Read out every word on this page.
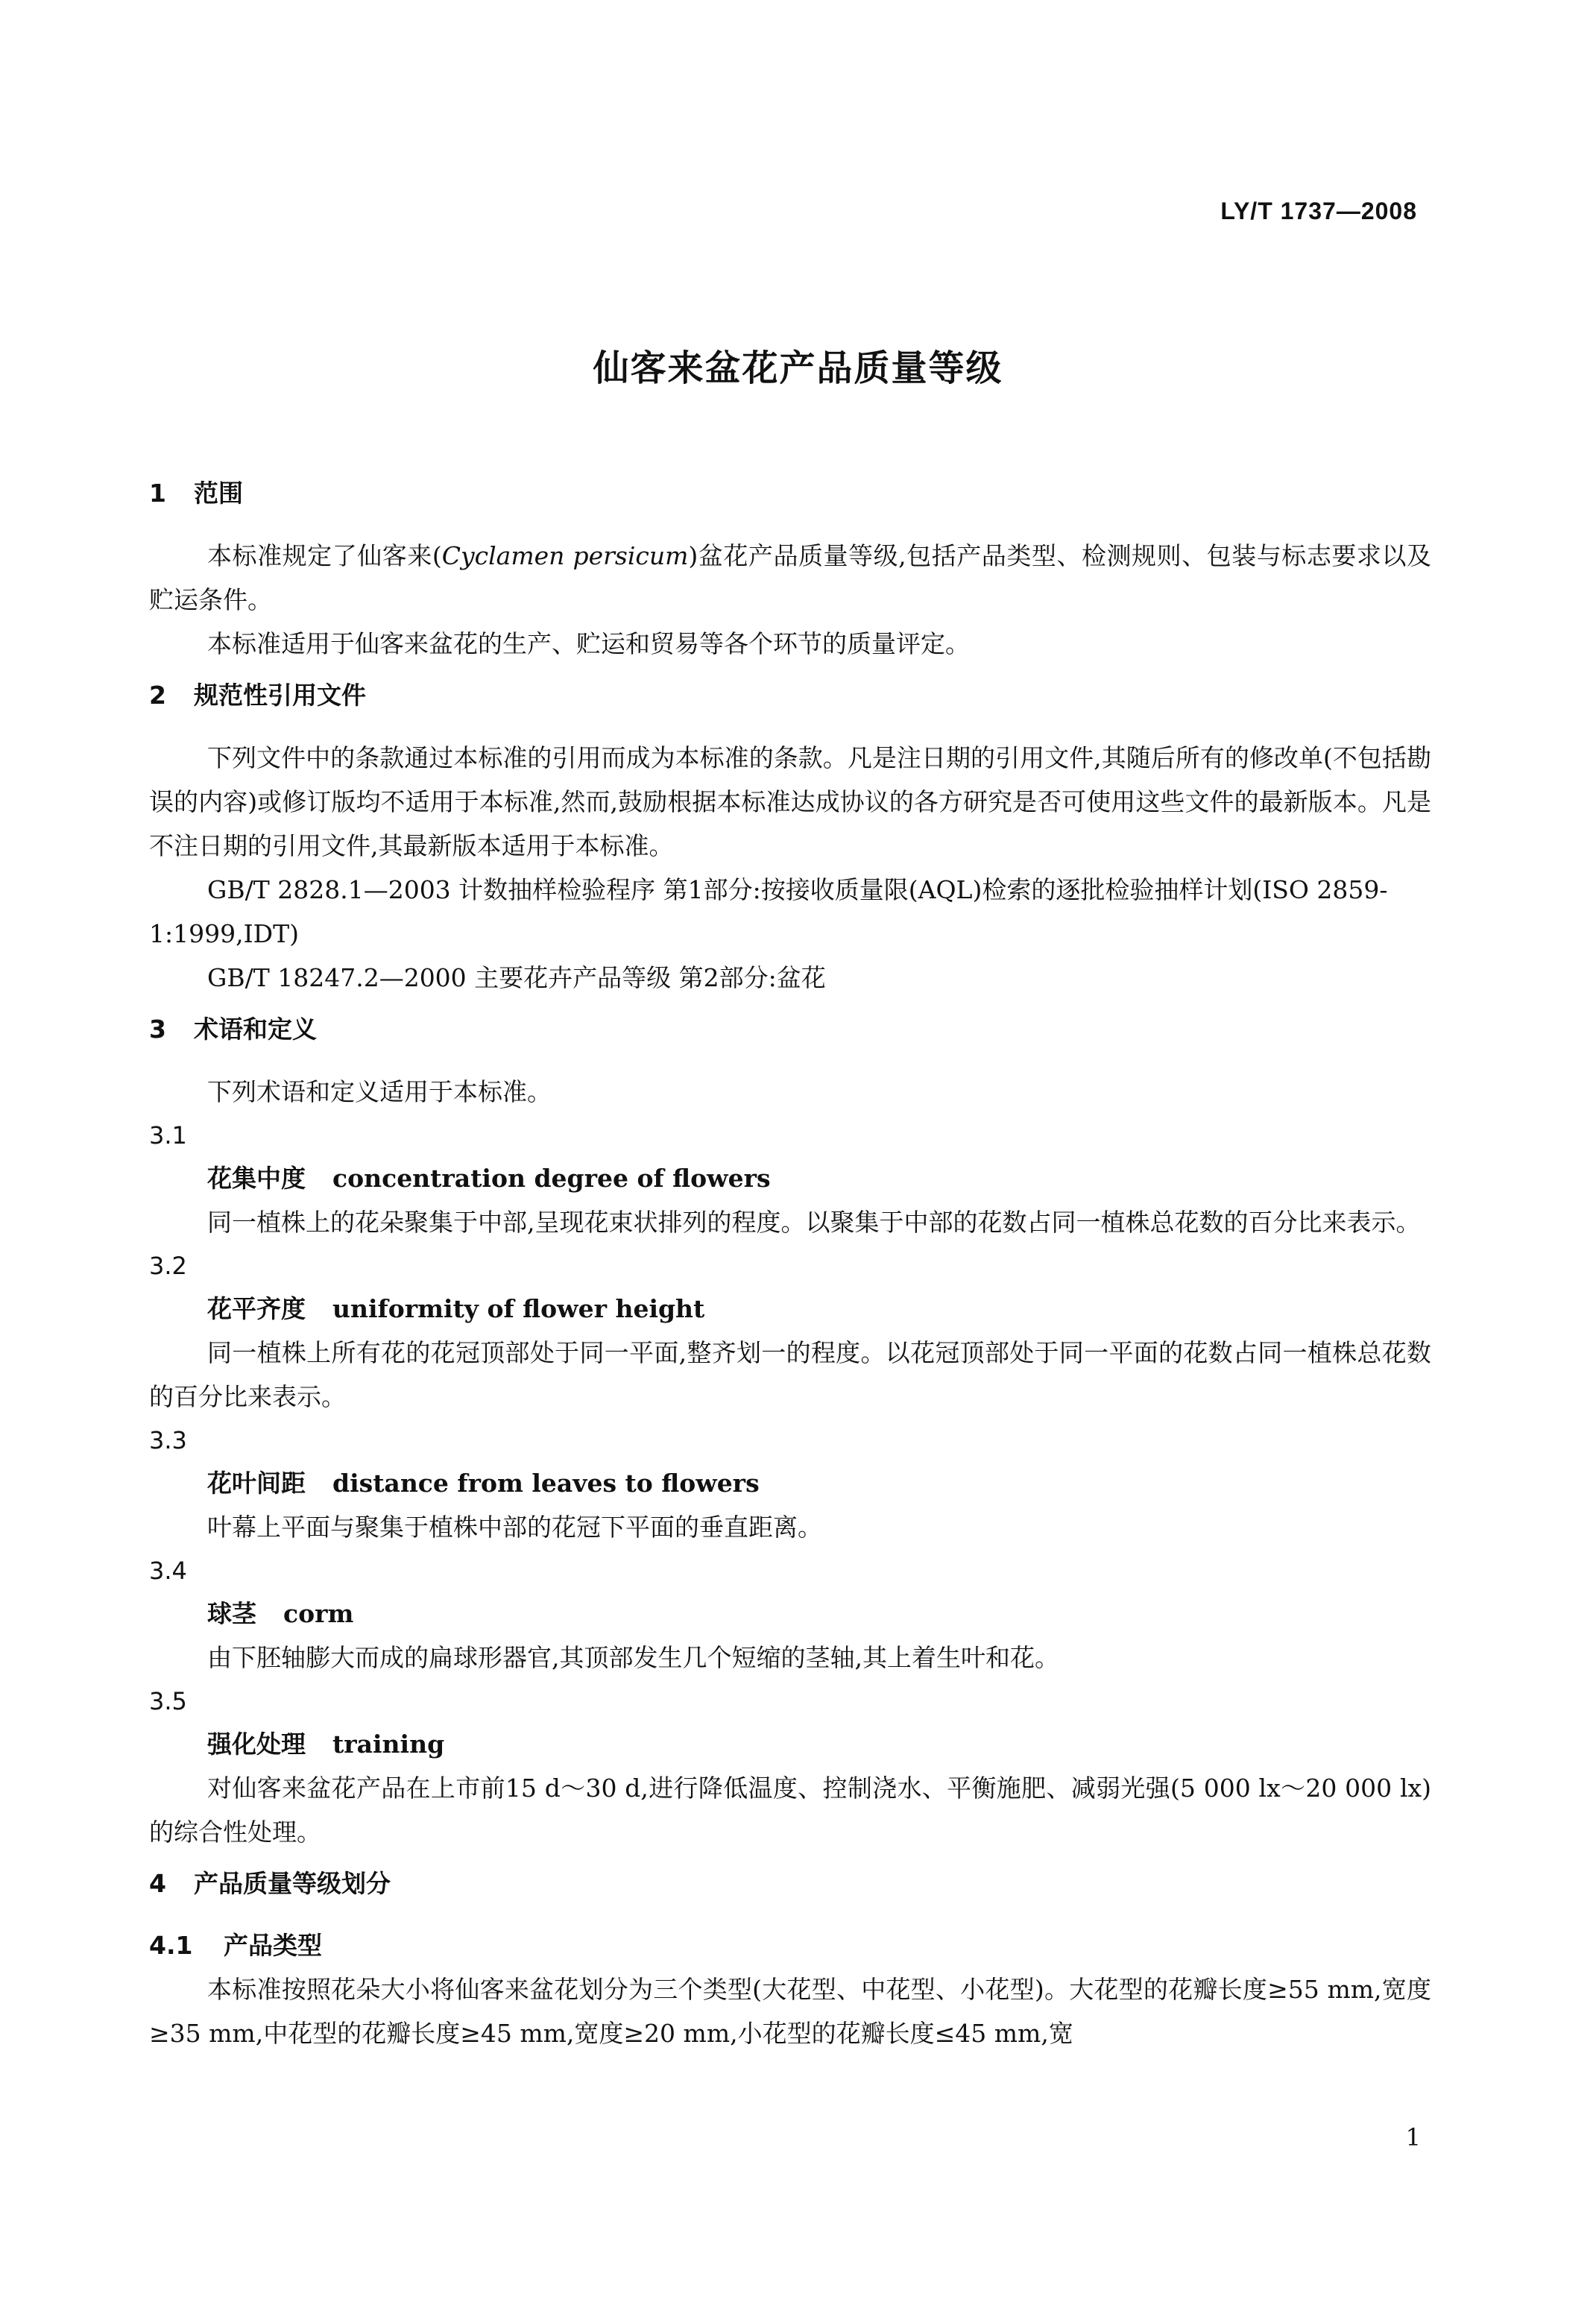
LY/T 1737—2008
仙客来盆花产品质量等级
1 范围

本标准规定了仙客来(Cyclamen persicum)盆花产品质量等级,包括产品类型、检测规则、包装与标志要求以及贮运条件。

本标准适用于仙客来盆花的生产、贮运和贸易等各个环节的质量评定。

2 规范性引用文件

下列文件中的条款通过本标准的引用而成为本标准的条款。凡是注日期的引用文件,其随后所有的修改单(不包括勘误的内容)或修订版均不适用于本标准,然而,鼓励根据本标准达成协议的各方研究是否可使用这些文件的最新版本。凡是不注日期的引用文件,其最新版本适用于本标准。

GB/T 2828.1—2003 计数抽样检验程序 第1部分:按接收质量限(AQL)检索的逐批检验抽样计划(ISO 2859-1:1999,IDT)

GB/T 18247.2—2000 主要花卉产品等级 第2部分:盆花

3 术语和定义

下列术语和定义适用于本标准。

3.1

花集中度 concentration degree of flowers

同一植株上的花朵聚集于中部,呈现花束状排列的程度。以聚集于中部的花数占同一植株总花数的百分比来表示。

3.2

花平齐度 uniformity of flower height

同一植株上所有花的花冠顶部处于同一平面,整齐划一的程度。以花冠顶部处于同一平面的花数占同一植株总花数的百分比来表示。

3.3

花叶间距 distance from leaves to flowers

叶幕上平面与聚集于植株中部的花冠下平面的垂直距离。

3.4

球茎 corm

由下胚轴膨大而成的扁球形器官,其顶部发生几个短缩的茎轴,其上着生叶和花。

3.5

强化处理 training

对仙客来盆花产品在上市前15 d～30 d,进行降低温度、控制浇水、平衡施肥、减弱光强(5 000 lx～20 000 lx)的综合性处理。

4 产品质量等级划分
4.1 产品类型

本标准按照花朵大小将仙客来盆花划分为三个类型(大花型、中花型、小花型)。大花型的花瓣长度≥55 mm,宽度≥35 mm,中花型的花瓣长度≥45 mm,宽度≥20 mm,小花型的花瓣长度≤45 mm,宽

1
